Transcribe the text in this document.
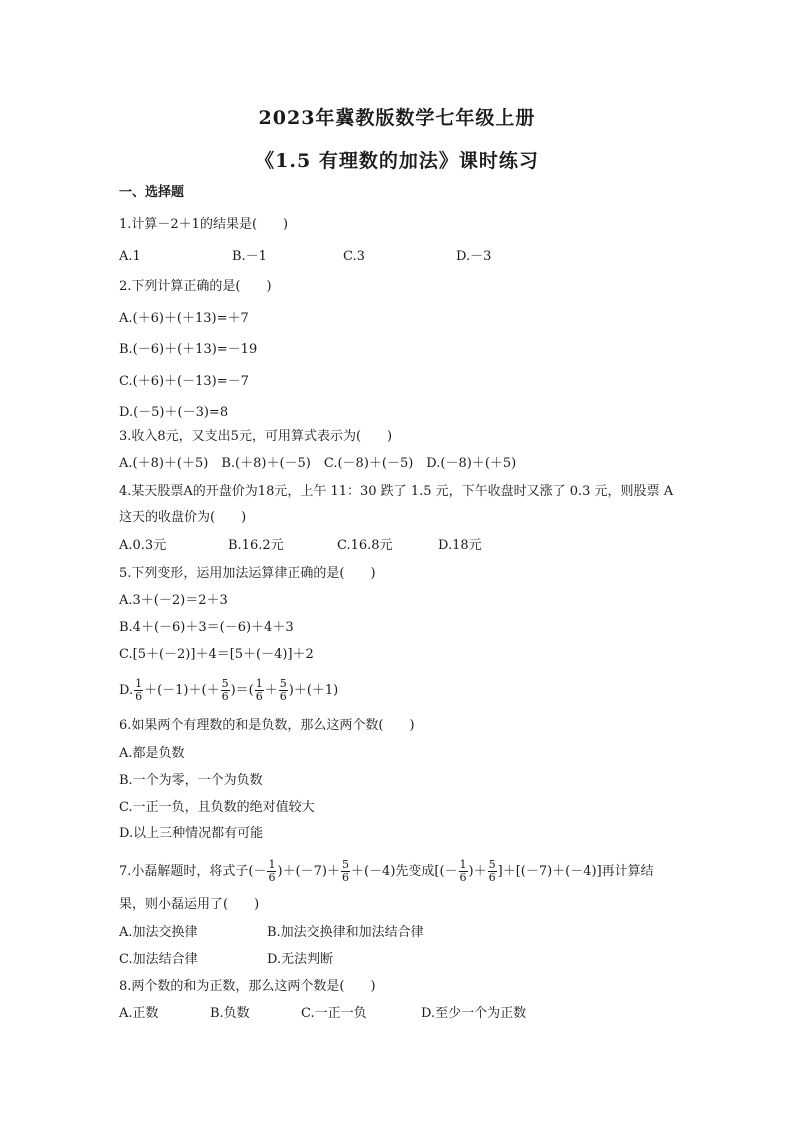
2023年冀教版数学七年级上册
《1.5 有理数的加法》课时练习
一、选择题
1.计算－2＋1的结果是(　　)
A.1	B.－1	C.3	D.－3
2.下列计算正确的是(　　)
A.(＋6)＋(＋13)=＋7
B.(－6)＋(＋13)=－19
C.(＋6)＋(－13)=－7
D.(－5)＋(－3)=8
3.收入8元，又支出5元，可用算式表示为(　　)
A.(＋8)＋(＋5)　B.(＋8)＋(－5)　C.(－8)＋(－5)　D.(－8)＋(＋5)
4.某天股票A的开盘价为18元，上午 11：30 跌了 1.5 元，下午收盘时又涨了 0.3 元，则股票 A
这天的收盘价为(　　)
A.0.3元	B.16.2元	C.16.8元	D.18元
5.下列变形，运用加法运算律正确的是(　　)
A.3＋(－2)＝2＋3
B.4＋(－6)＋3＝(－6)＋4＋3
C.[5＋(－2)]＋4＝[5＋(－4)]＋2
D. $\frac{1}{6} +(-1)+(+ \frac{5}{6}$ )＝( $\frac{1}{6} + \frac{5}{6} )+(+1)$
6.如果两个有理数的和是负数，那么这两个数(　　)
A.都是负数
B.一个为零，一个为负数
C.一正一负，且负数的绝对值较大
D.以上三种情况都有可能
7.小磊解题时，将式子(－ $\frac{1}{6} )+(-7)+ \frac{5}{6} +(-4)$先变成[(－ $\frac{1}{6}$ )＋ $\frac{5}{6} ]+[(-7)+(-4)]$再计算结
果，则小磊运用了(　　)
A.加法交换律	B.加法交换律和加法结合律
C.加法结合律	D.无法判断
8.两个数的和为正数，那么这两个数是(　　)
A.正数	B.负数	C.一正一负	D.至少一个为正数
